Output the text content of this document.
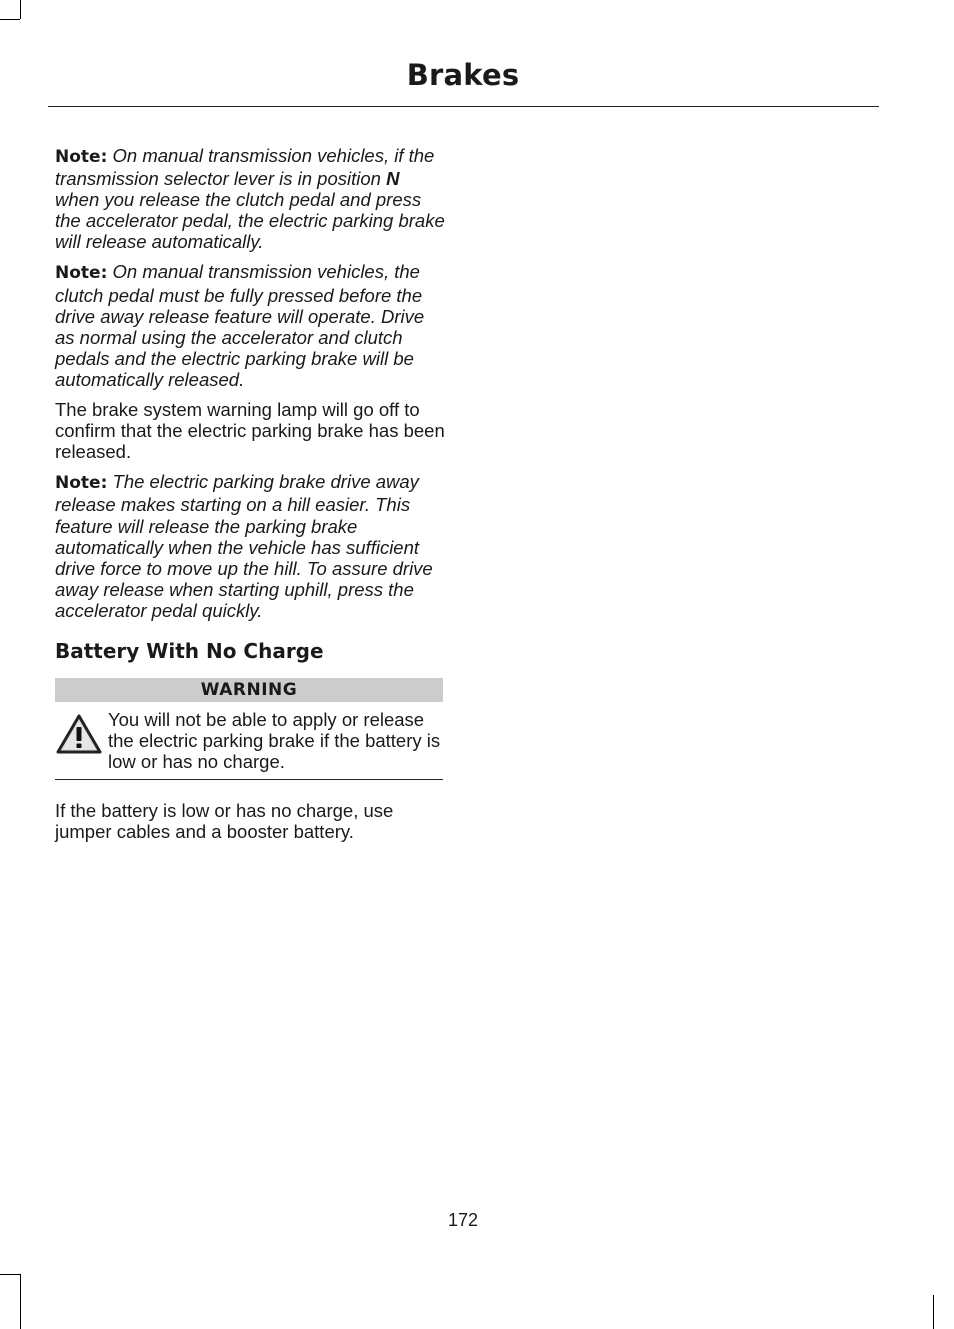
Brakes

Note: On manual transmission vehicles, if the transmission selector lever is in position N when you release the clutch pedal and press the accelerator pedal, the electric parking brake will release automatically.

Note: On manual transmission vehicles, the clutch pedal must be fully pressed before the drive away release feature will operate. Drive as normal using the accelerator and clutch pedals and the electric parking brake will be automatically released.

The brake system warning lamp will go off to confirm that the electric parking brake has been released.

Note: The electric parking brake drive away release makes starting on a hill easier. This feature will release the parking brake automatically when the vehicle has sufficient drive force to move up the hill. To assure drive away release when starting uphill, press the accelerator pedal quickly.

Battery With No Charge
WARNING
You will not be able to apply or release the electric parking brake if the battery is low or has no charge.

If the battery is low or has no charge, use jumper cables and a booster battery.

172
